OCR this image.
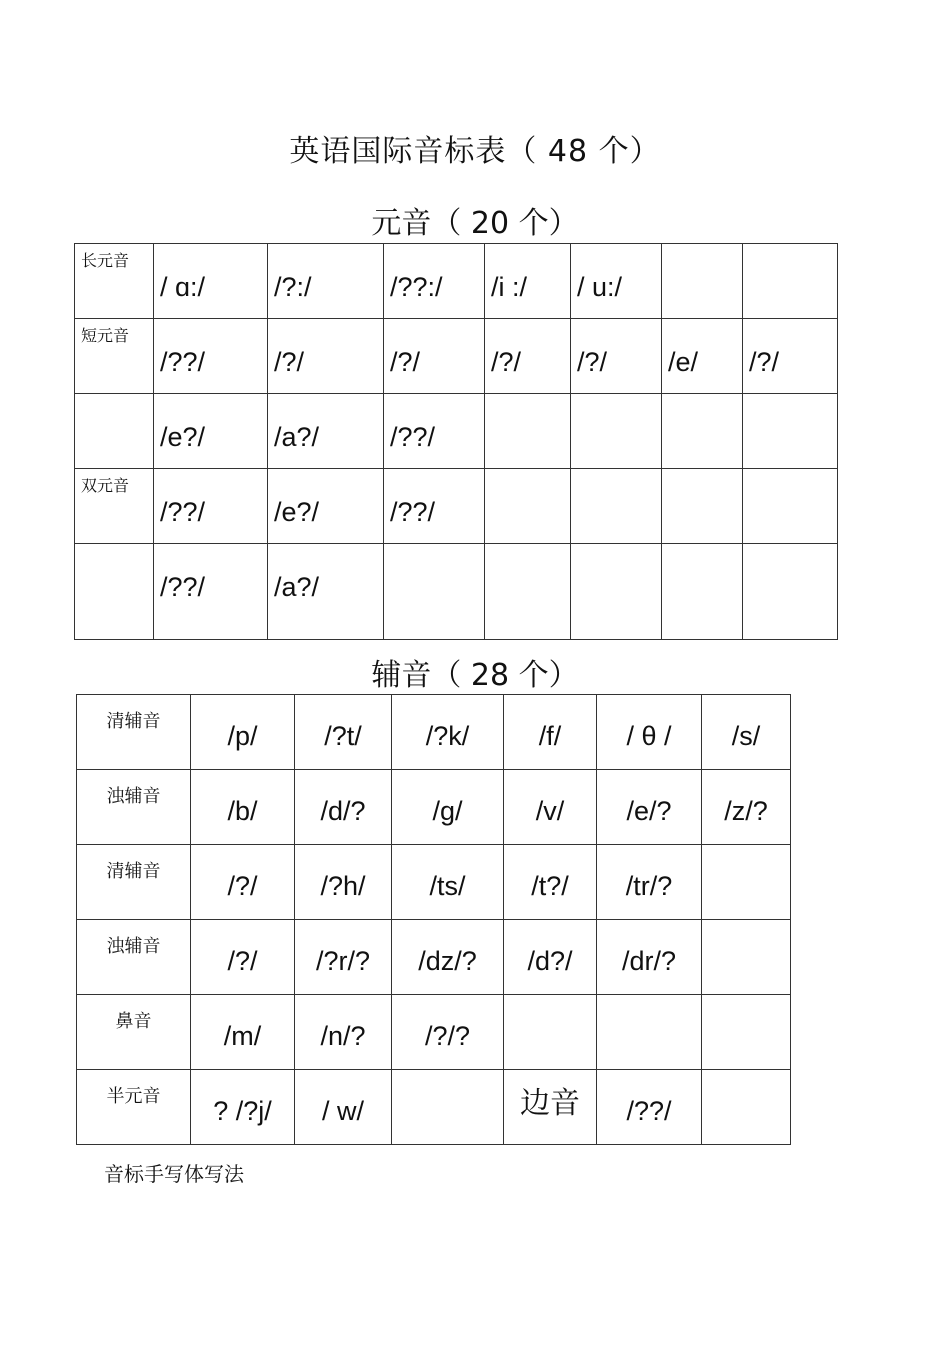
英语国际音标表（ 48 个）
元音（ 20 个）
长元音	/ ɑ:/	/?:/	/??:/	/i :/	/ u:/		

短元音	/??/	/?/	/?/	/?/	/?/	/e/	/?/

	/e?/	/a?/	/??/				

双元音	/??/	/e?/	/??/				

	/??/	/a?/					

辅音（ 28 个）
清辅音	/p/	/?t/	/?k/	/f/	/ θ /	/s/

浊辅音	/b/	/d/?	/g/	/v/	/e/?	/z/?

清辅音	/?/	/?h/	/ts/	/t?/	/tr/?	

浊辅音	/?/	/?r/?	/dz/?	/d?/	/dr/?	

鼻音	/m/	/n/?	/?/?			

半元音	? /?j/	/ w/		边音	/??/	

音标手写体写法
